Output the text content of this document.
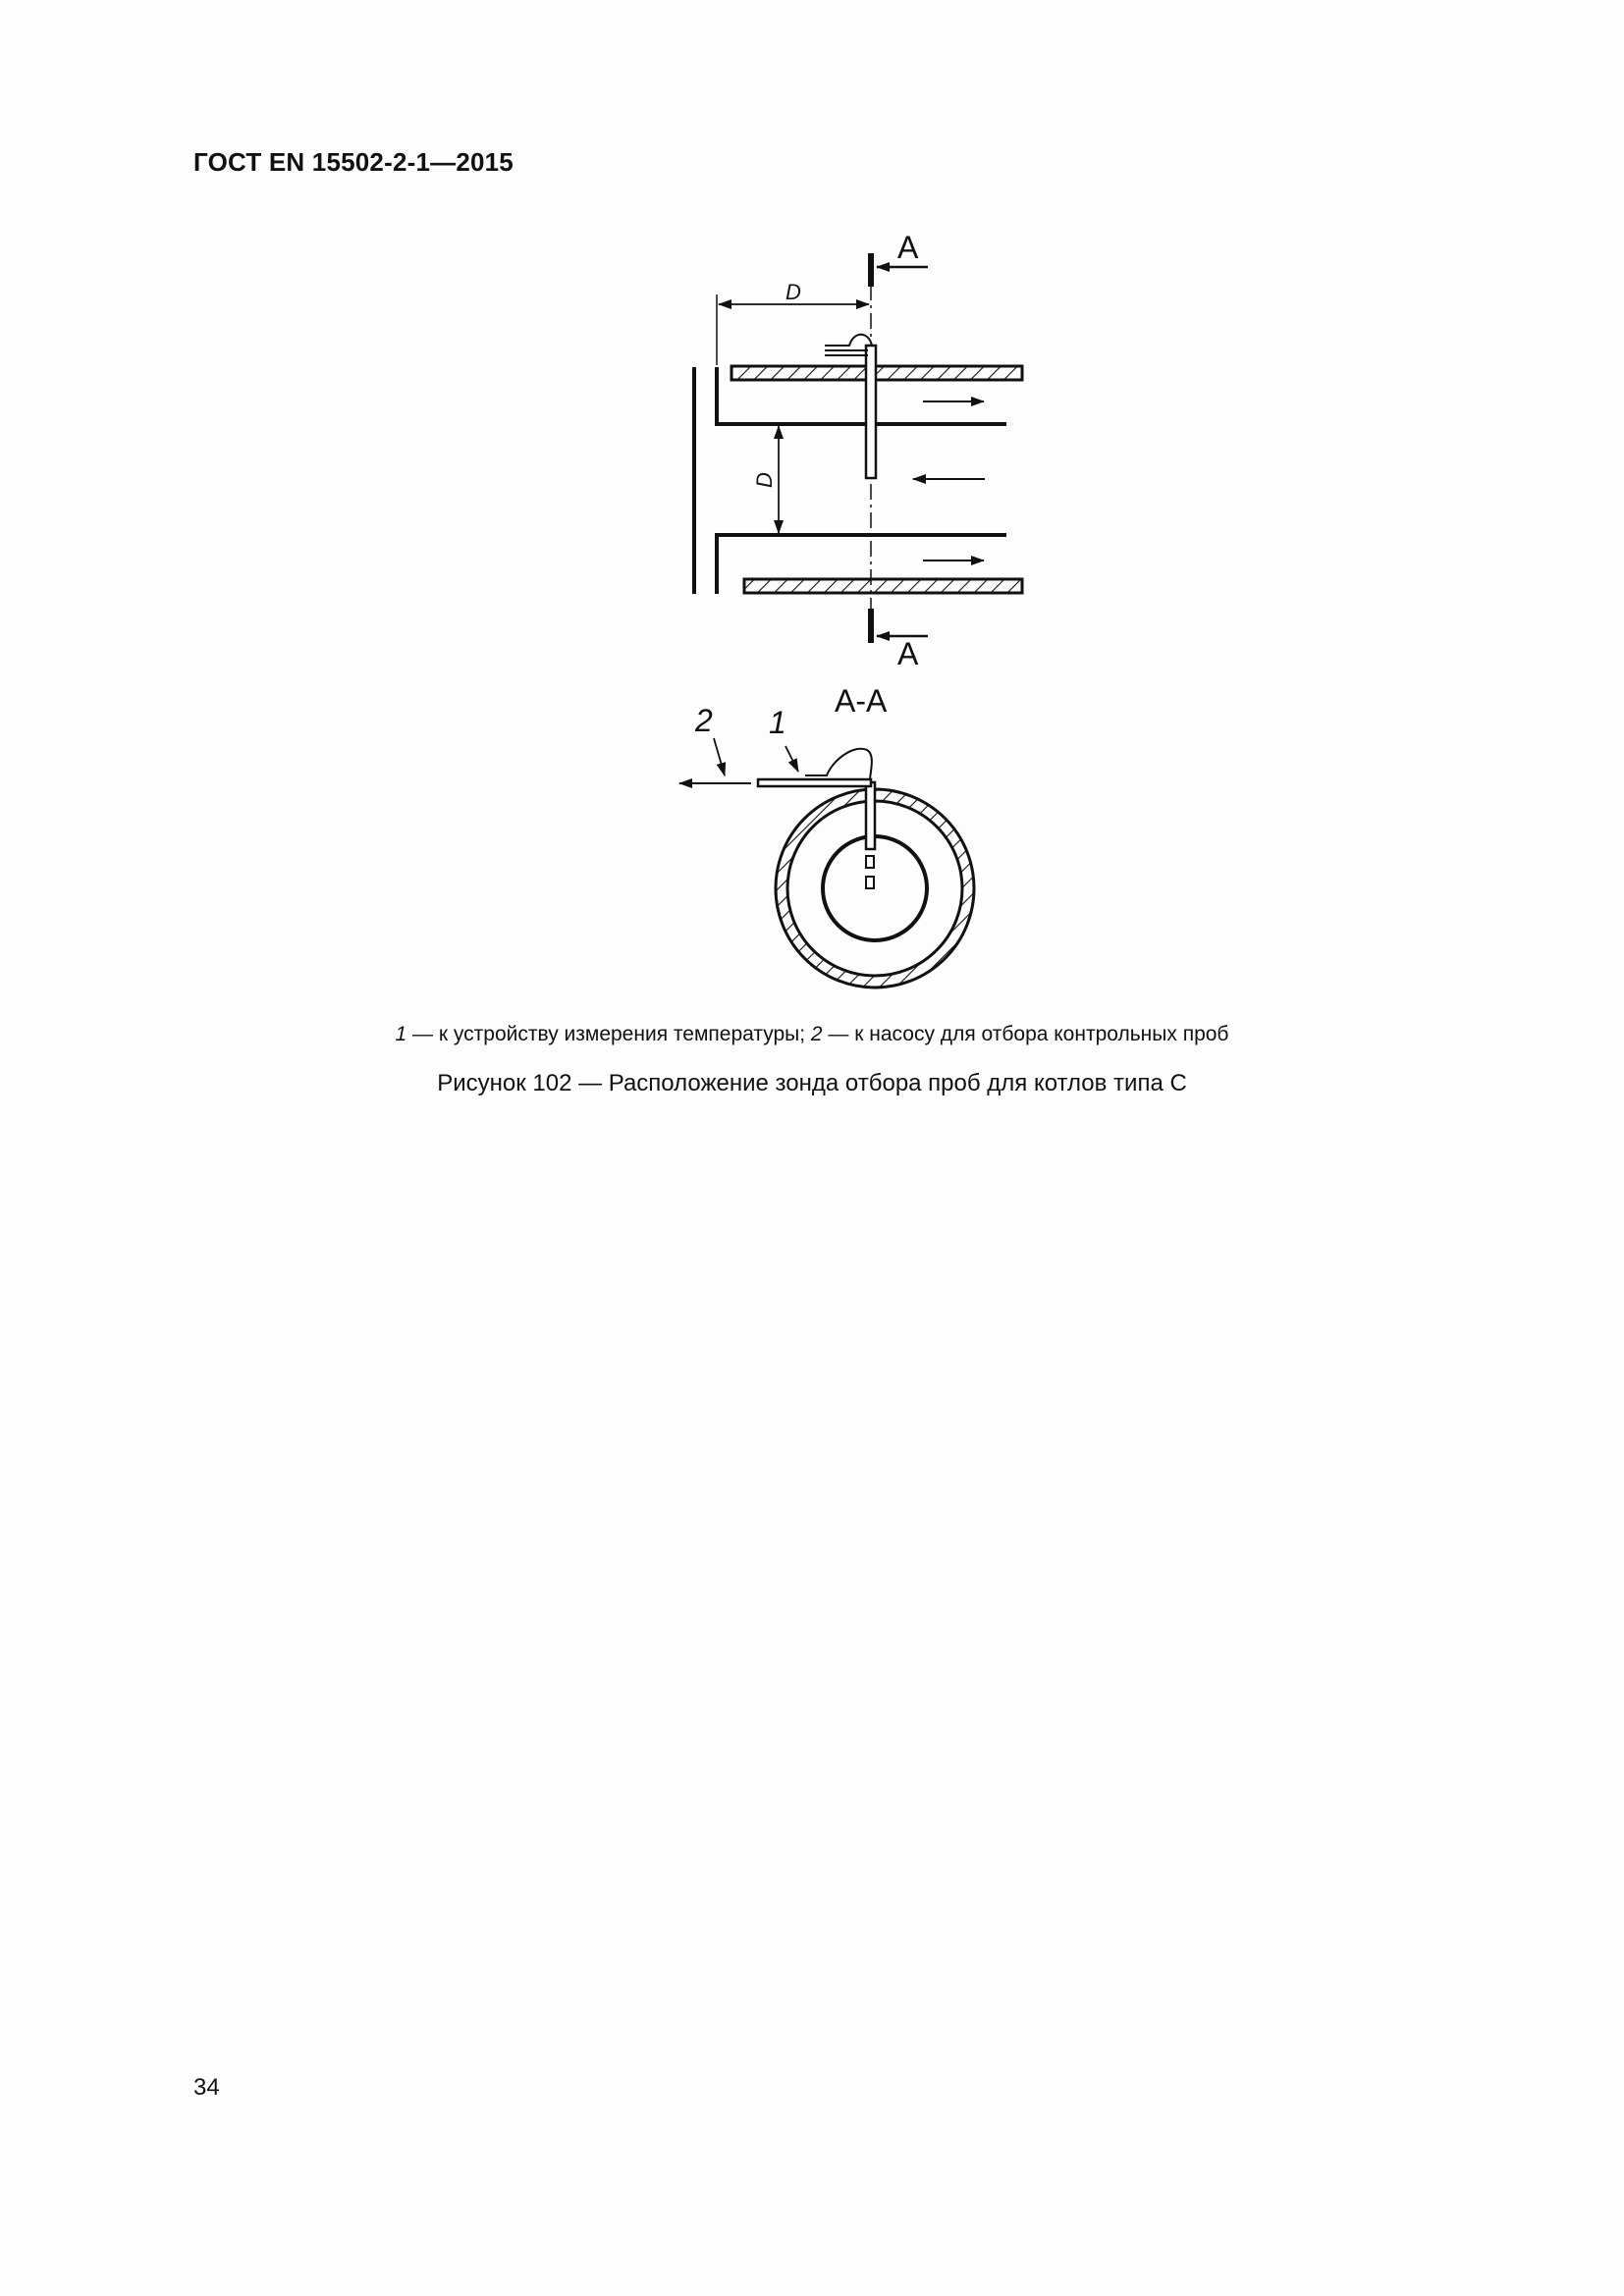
ГОСТ EN 15502-2-1—2015
A
A
D
D
A-A
1
2
1 — к устройству измерения температуры; 2 — к насосу для отбора контрольных проб
Рисунок 102 — Расположение зонда отбора проб для котлов типа С
34
